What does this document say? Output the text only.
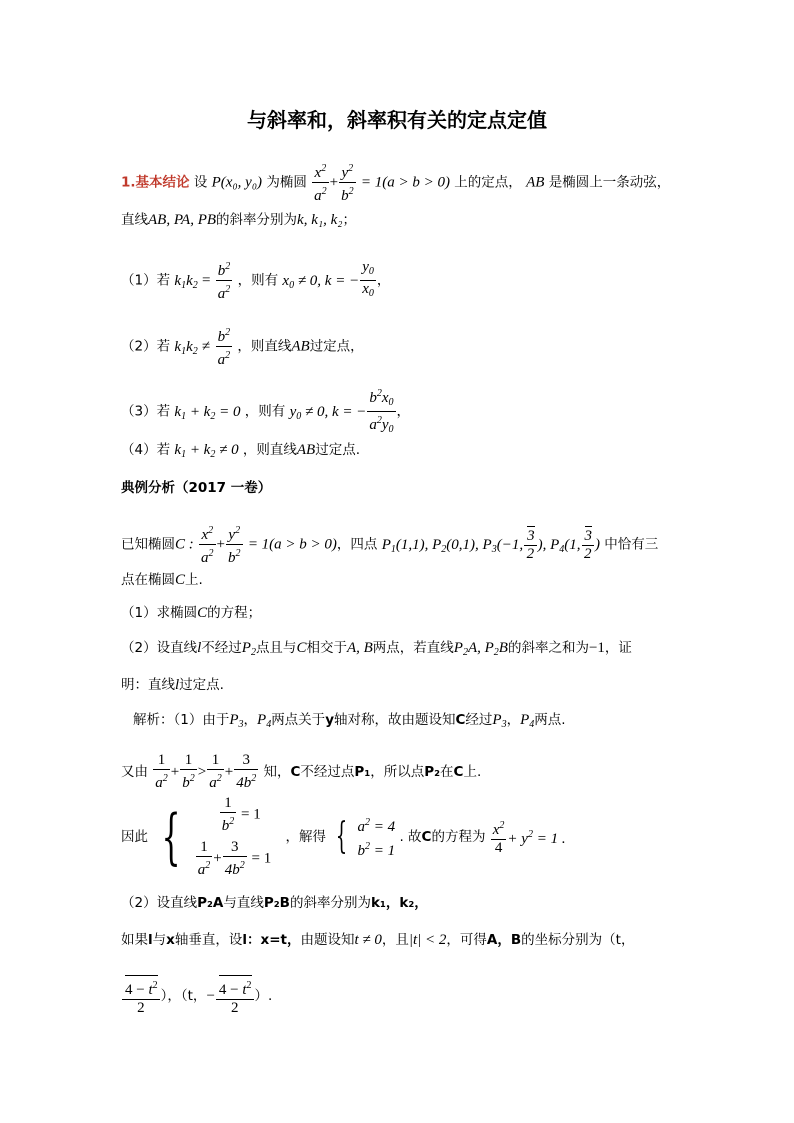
与斜率和，斜率积有关的定点定值
1.基本结论 设 P(x₀, y₀) 为椭圆 $\frac{x^2}{a^2} + \frac{y^2}{b^2} = 1(a > b > 0)$ 上的定点， AB 是椭圆上一条动弦，
直线AB, PA, PB的斜率分别为k, k₁, k₂；
（1）若 $k_1k_2 = \frac{b^2}{a^2}$ ，则有 $x_0 \ne 0$, k = − $\frac{y_0}{x_0}$ ，
（2）若 $k_1k_2 \ne \frac{b^2}{a^2}$ ，则直线AB过定点，
（3）若 $k_1 + k_2 = 0$ ，则有 $y_0 \ne 0$, k = − $\frac{b^2x_0}{a^2y_0}$ ，
（4）若 $k_1 + k_2 \ne 0$ ，则直线AB过定点.
典例分析（2017 一卷）
已知椭圆C : $\frac{x^2}{a^2} + \frac{y^2}{b^2} = 1(a > b > 0)$，四点 $P_1(1,1)$, $P_2(0,1)$, $P_3(-1$, $\frac{3}{2}$ ), $P_4(1$, $\frac{3}{2}$ ) 中恰有三
点在椭圆C上.
（1）求椭圆C的方程；
（2）设直线l不经过$P_2$点且与C相交于A, B两点，若直线$P_2A$, $P_2B$的斜率之和为−1，证
明：直线l过定点.
解析：（1）由于$P_3$，$P_4$两点关于y轴对称，故由题设知C经过$P_3$，$P_4$两点.
又由 $\frac{1}{a^2} + \frac{1}{b^2} > \frac{1}{a^2} + \frac{3}{4b^2}$ 知，C不经过点P₁，所以点P₂在C上.
因此 {	$\frac{1}{b^2} = 1$
$\frac{1}{a^2} + \frac{3}{4b^2} = 1$
，解得 { $a^2 = 4$
$b^2 = 1$
. 故C的方程为 $\frac{x^2}{4} + y^2 = 1$ .
（2）设直线P₂A与直线P₂B的斜率分别为k₁，k₂，
如果l与x轴垂直，设l：x=t，由题设知t ≠ 0，且|t| < 2，可得A，B的坐标分别为（t，
$\frac{4 - t^2}{2}$ ），（t，− $\frac{4 - t^2}{2}$ ）.
